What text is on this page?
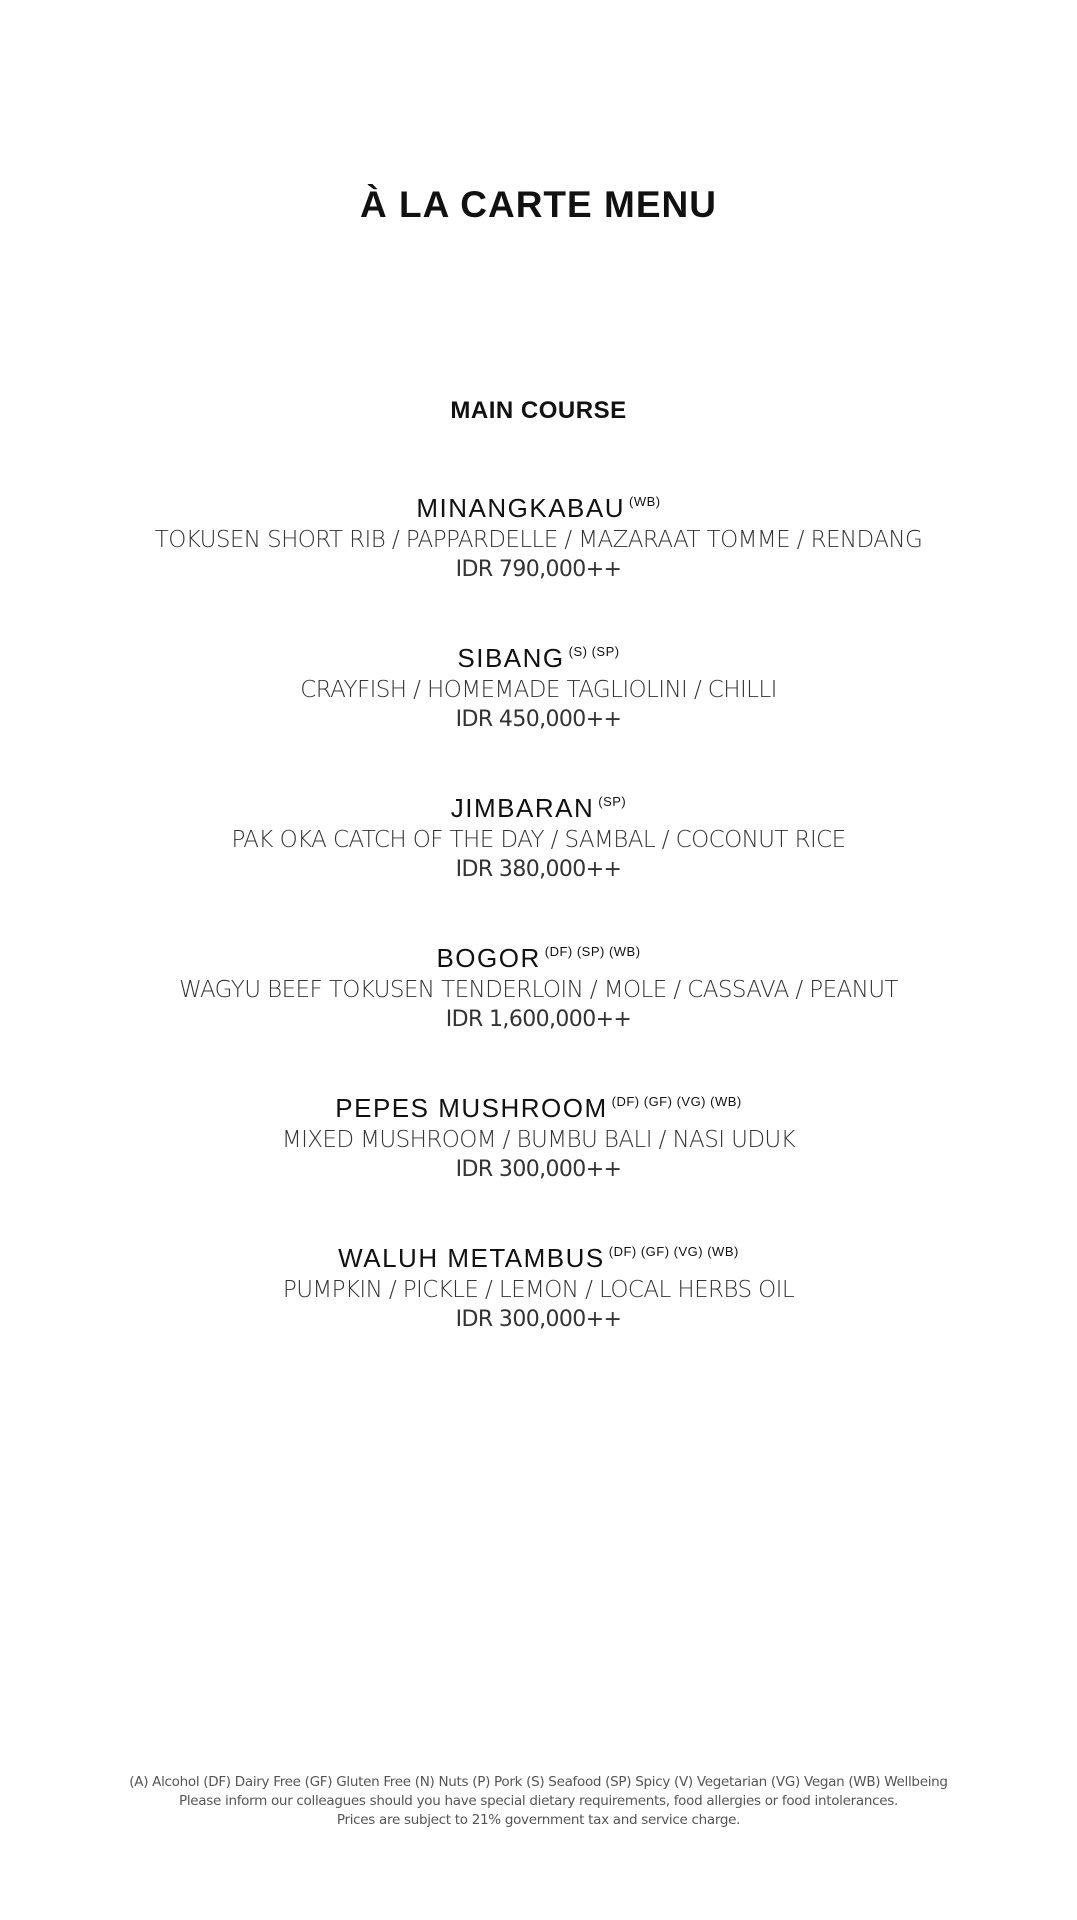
À LA CARTE MENU
MAIN COURSE
MINANGKABAU $^{(WB)}$
TOKUSEN SHORT RIB / PAPPARDELLE / MAZARAAT TOMME / RENDANG
IDR 790,000++
SIBANG $^{(S) (SP)}$
CRAYFISH / HOMEMADE TAGLIOLINI / CHILLI
IDR 450,000++
JIMBARAN $^{(SP)}$
PAK OKA CATCH OF THE DAY / SAMBAL / COCONUT RICE
IDR 380,000++
BOGOR $^{(DF) (SP) (WB)}$
WAGYU BEEF TOKUSEN TENDERLOIN / MOLE / CASSAVA / PEANUT
IDR 1,600,000++
PEPES MUSHROOM $^{(DF) (GF) (VG) (WB)}$
MIXED MUSHROOM / BUMBU BALI / NASI UDUK
IDR 300,000++
WALUH METAMBUS $^{(DF) (GF) (VG) (WB)}$
PUMPKIN / PICKLE / LEMON / LOCAL HERBS OIL
IDR 300,000++
(A) Alcohol (DF) Dairy Free (GF) Gluten Free (N) Nuts (P) Pork (S) Seafood (SP) Spicy (V) Vegetarian (VG) Vegan (WB) Wellbeing
Please inform our colleagues should you have special dietary requirements, food allergies or food intolerances.
Prices are subject to 21% government tax and service charge.
